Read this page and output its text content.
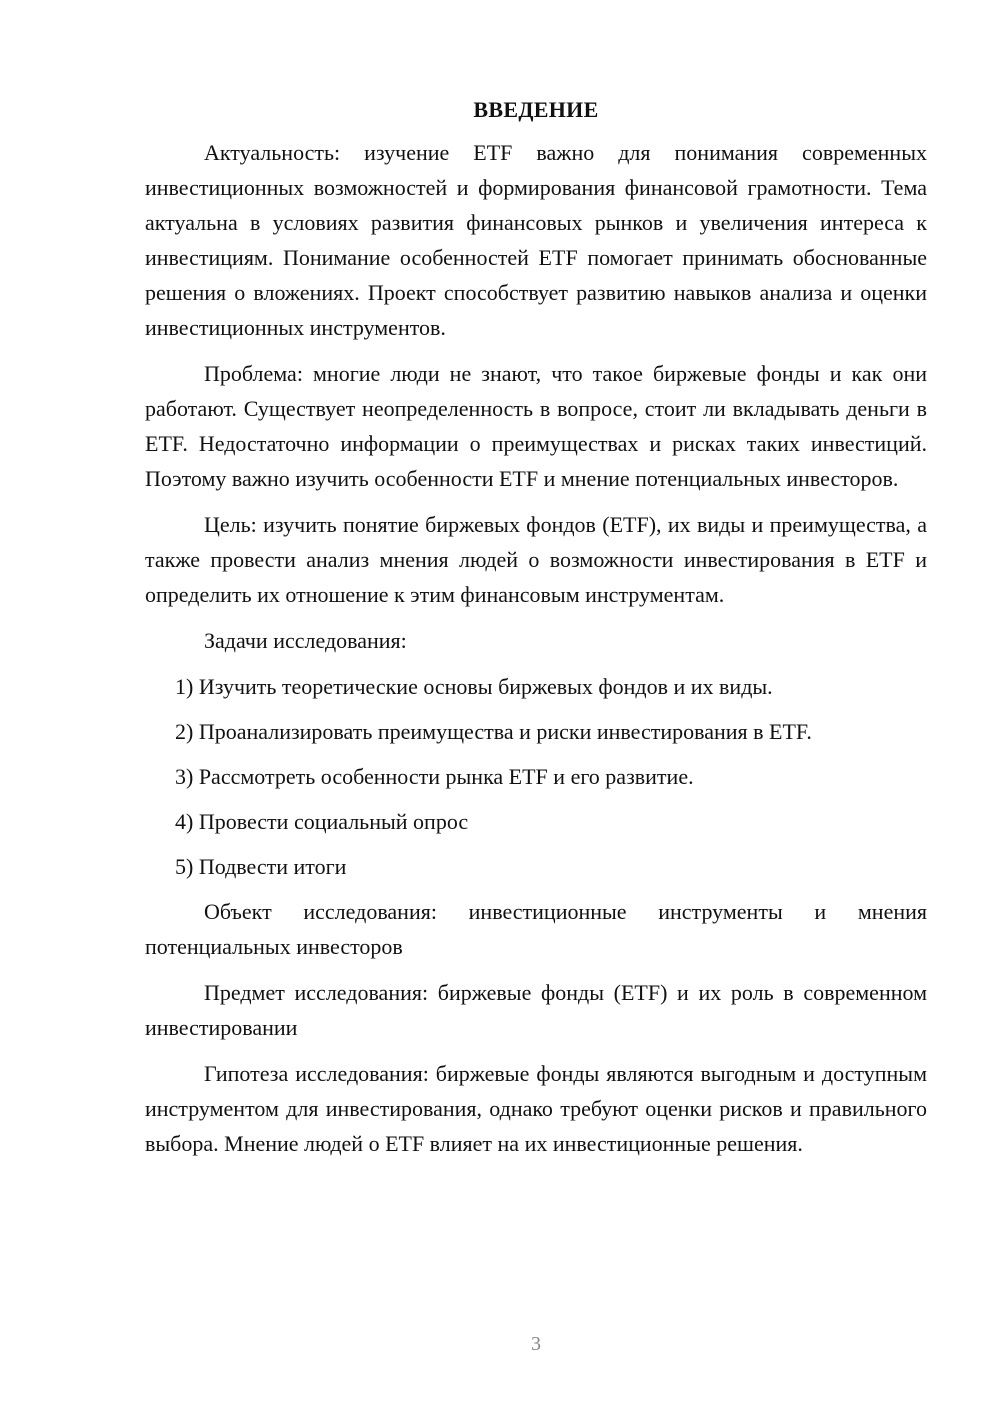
ВВЕДЕНИЕ

Актуальность: изучение ETF важно для понимания современных инвестиционных возможностей и формирования финансовой грамотности. Тема актуальна в условиях развития финансовых рынков и увеличения интереса к инвестициям. Понимание особенностей ETF помогает принимать обоснованные решения о вложениях. Проект способствует развитию навыков анализа и оценки инвестиционных инструментов.

Проблема: многие люди не знают, что такое биржевые фонды и как они работают. Существует неопределенность в вопросе, стоит ли вкладывать деньги в ETF. Недостаточно информации о преимуществах и рисках таких инвестиций. Поэтому важно изучить особенности ETF и мнение потенциальных инвесторов.

Цель: изучить понятие биржевых фондов (ETF), их виды и преимущества, а также провести анализ мнения людей о возможности инвестирования в ETF и определить их отношение к этим финансовым инструментам.

Задачи исследования:

1) Изучить теоретические основы биржевых фондов и их виды.
2) Проанализировать преимущества и риски инвестирования в ETF.
3) Рассмотреть особенности рынка ETF и его развитие.
4) Провести социальный опрос
5) Подвести итоги

Объект исследования: инвестиционные инструменты и мнения потенциальных инвесторов

Предмет исследования: биржевые фонды (ETF) и их роль в современном инвестировании

Гипотеза исследования: биржевые фонды являются выгодным и доступным инструментом для инвестирования, однако требуют оценки рисков и правильного выбора. Мнение людей о ETF влияет на их инвестиционные решения.

3
